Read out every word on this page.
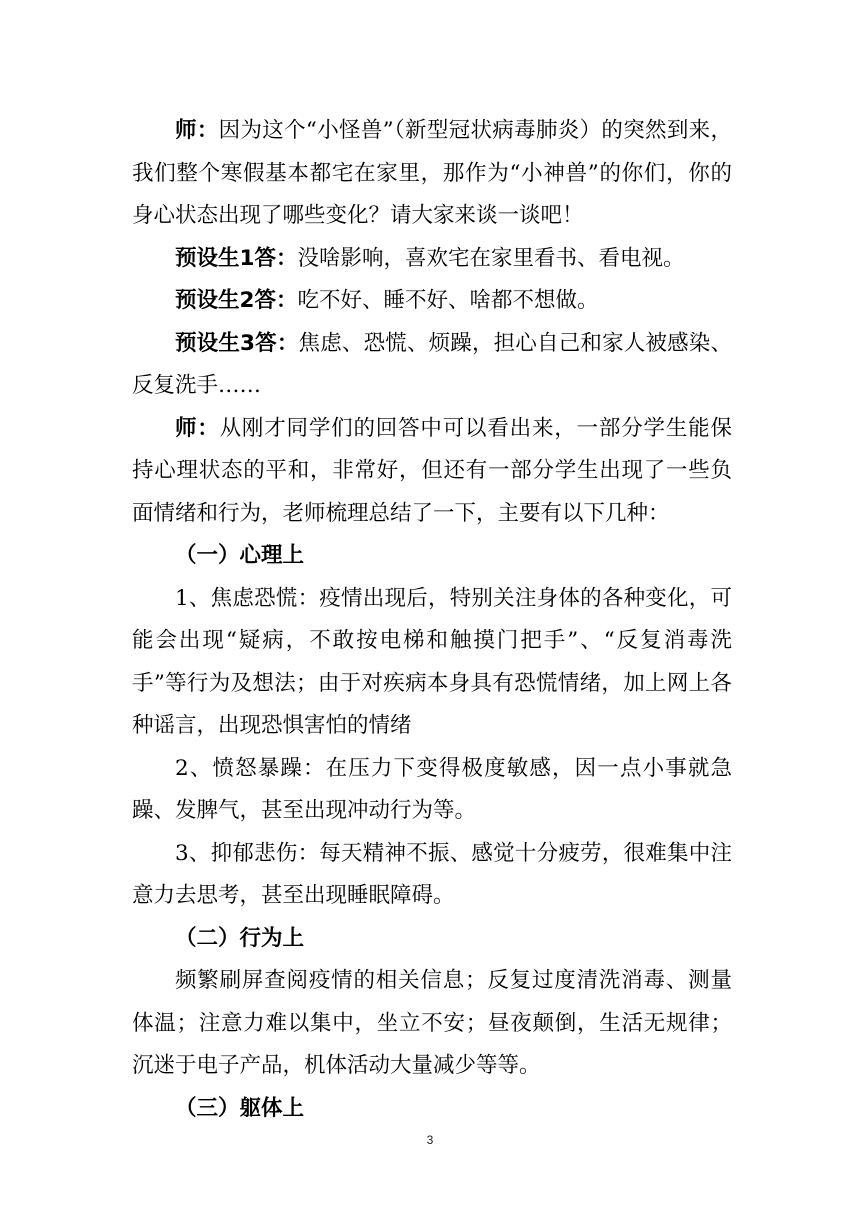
师：因为这个“小怪兽”（新型冠状病毒肺炎）的突然到来，我们整个寒假基本都宅在家里，那作为“小神兽”的你们，你的身心状态出现了哪些变化？请大家来谈一谈吧！

预设生1答：没啥影响，喜欢宅在家里看书、看电视。

预设生2答：吃不好、睡不好、啥都不想做。

预设生3答：焦虑、恐慌、烦躁，担心自己和家人被感染、反复洗手……

师：从刚才同学们的回答中可以看出来，一部分学生能保持心理状态的平和，非常好，但还有一部分学生出现了一些负面情绪和行为，老师梳理总结了一下，主要有以下几种：

（一）心理上

1、焦虑恐慌：疫情出现后，特别关注身体的各种变化，可能会出现“疑病，不敢按电梯和触摸门把手”、“反复消毒洗手”等行为及想法；由于对疾病本身具有恐慌情绪，加上网上各种谣言，出现恐惧害怕的情绪

2、愤怒暴躁：在压力下变得极度敏感，因一点小事就急躁、发脾气，甚至出现冲动行为等。

3、抑郁悲伤：每天精神不振、感觉十分疲劳，很难集中注意力去思考，甚至出现睡眠障碍。

（二）行为上

频繁刷屏查阅疫情的相关信息；反复过度清洗消毒、测量体温；注意力难以集中，坐立不安；昼夜颠倒，生活无规律；沉迷于电子产品，机体活动大量减少等等。

（三）躯体上

3
